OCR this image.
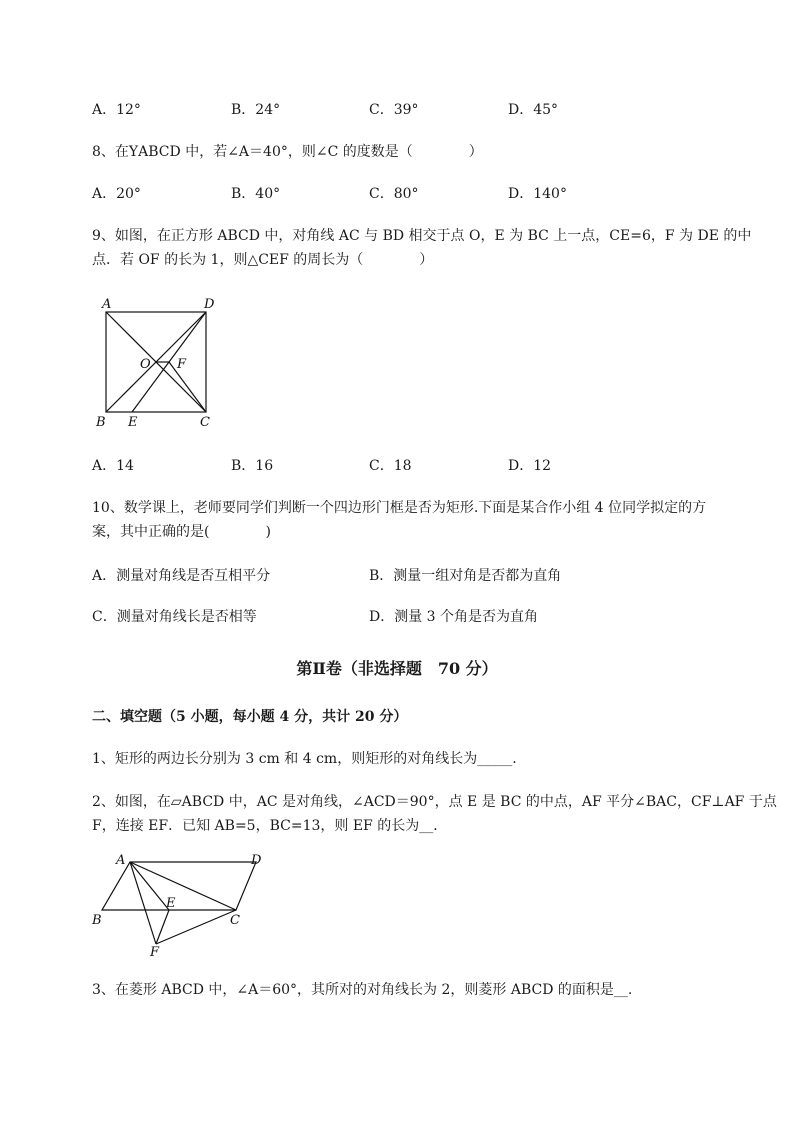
A．12°	B．24°	C．39°	D．45°
8、在ΥABCD 中，若∠A＝40°，则∠C 的度数是（　　　　）
A．20°	B．40°	C．80°	D．140°
9、如图，在正方形 ABCD 中，对角线 AC 与 BD 相交于点 O，E 为 BC 上一点，CE=6，F 为 DE 的中
点．若 OF 的长为 1，则△CEF 的周长为（　　　　）
A	D
O F
B E	C
A．14	B．16	C．18	D．12
10、数学课上，老师要同学们判断一个四边形门框是否为矩形.下面是某合作小组 4 位同学拟定的方
案，其中正确的是(　　　　)
A．测量对角线是否互相平分	B．测量一组对角是否都为直角
C．测量对角线长是否相等	D．测量 3 个角是否为直角
第Ⅱ卷（非选择题　70 分）
二、填空题（5 小题，每小题 4 分，共计 20 分）
1、矩形的两边长分别为 3 cm 和 4 cm，则矩形的对角线长为_____.
2、如图，在▱ABCD 中，AC 是对角线，∠ACD＝90°，点 E 是 BC 的中点，AF 平分∠BAC，CF⊥AF 于点
F，连接 EF．已知 AB=5，BC=13，则 EF 的长为__．
A	D
B
E
C
F
3、在菱形 ABCD 中，∠A＝60°，其所对的对角线长为 2，则菱形 ABCD 的面积是__.
